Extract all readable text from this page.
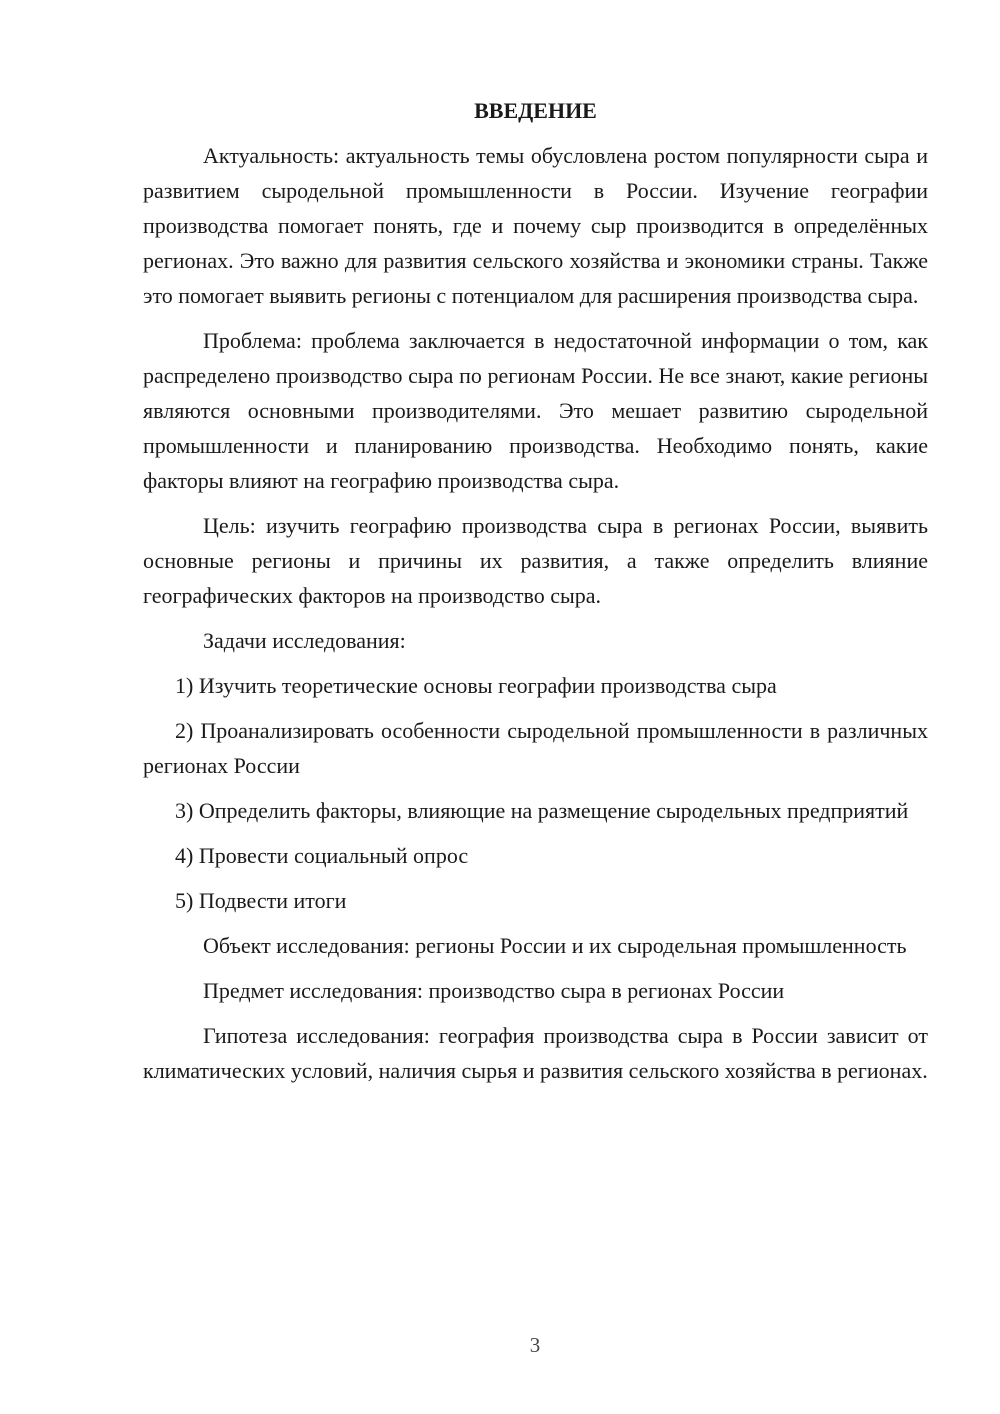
ВВЕДЕНИЕ

Актуальность: актуальность темы обусловлена ростом популярности сыра и развитием сыродельной промышленности в России. Изучение географии производства помогает понять, где и почему сыр производится в определённых регионах. Это важно для развития сельского хозяйства и экономики страны. Также это помогает выявить регионы с потенциалом для расширения производства сыра.

Проблема: проблема заключается в недостаточной информации о том, как распределено производство сыра по регионам России. Не все знают, какие регионы являются основными производителями. Это мешает развитию сыродельной промышленности и планированию производства. Необходимо понять, какие факторы влияют на географию производства сыра.

Цель: изучить географию производства сыра в регионах России, выявить основные регионы и причины их развития, а также определить влияние географических факторов на производство сыра.

Задачи исследования:

1) Изучить теоретические основы географии производства сыра

2) Проанализировать особенности сыродельной промышленности в различных регионах России

3) Определить факторы, влияющие на размещение сыродельных предприятий

4) Провести социальный опрос

5) Подвести итоги

Объект исследования: регионы России и их сыродельная промышленность

Предмет исследования: производство сыра в регионах России

Гипотеза исследования: география производства сыра в России зависит от климатических условий, наличия сырья и развития сельского хозяйства в регионах.

3
